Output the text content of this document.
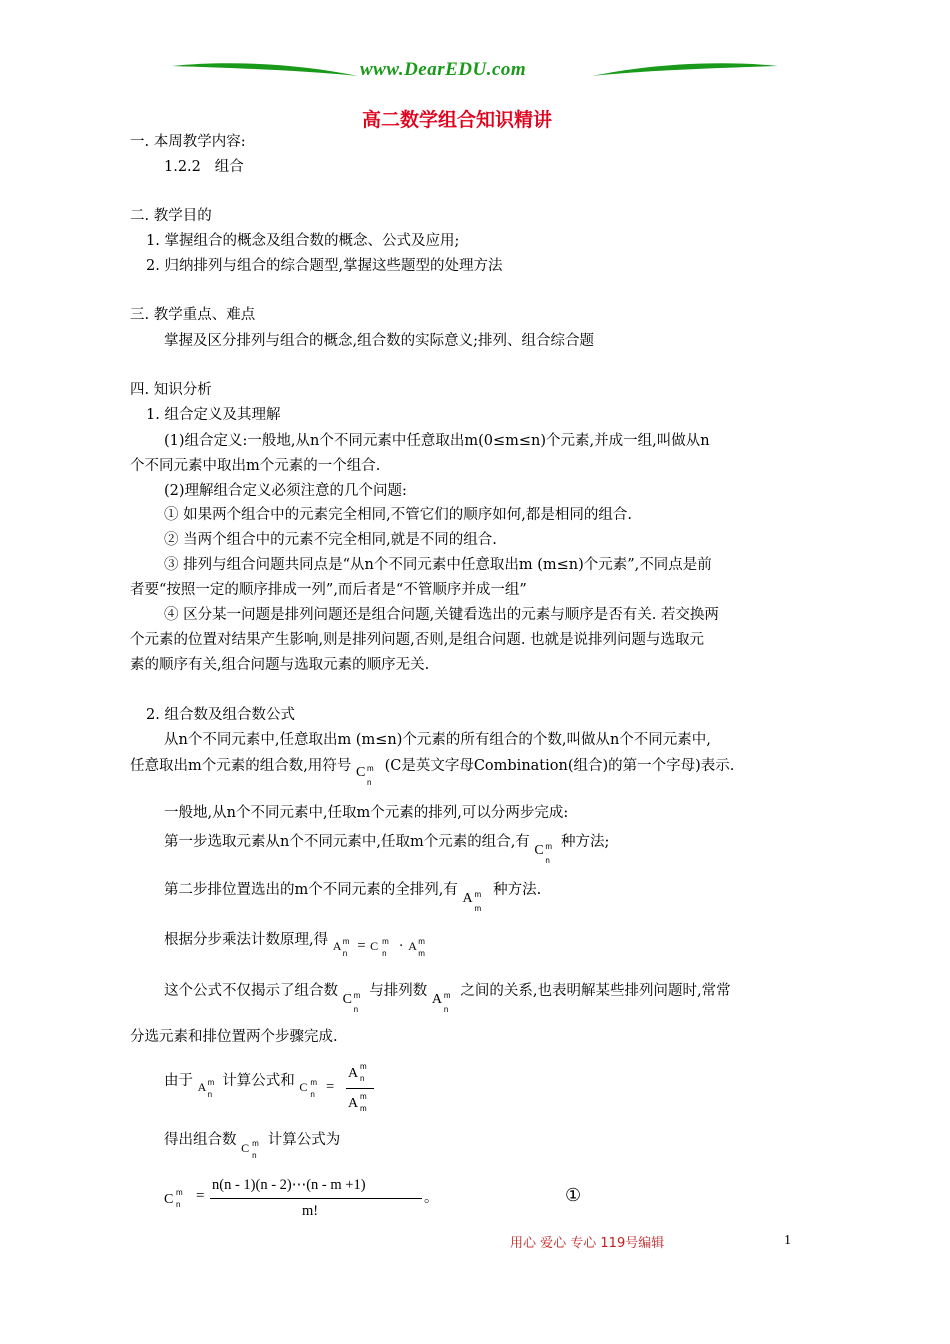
www.DearEDU.com
高二数学组合知识精讲
一. 本周教学内容:
1.2.2   组合
二. 教学目的
1. 掌握组合的概念及组合数的概念、公式及应用;
2. 归纳排列与组合的综合题型,掌握这些题型的处理方法
三. 教学重点、难点
掌握及区分排列与组合的概念,组合数的实际意义;排列、组合综合题
四. 知识分析
1. 组合定义及其理解
(1)组合定义:一般地,从n个不同元素中任意取出m(0≤m≤n)个元素,并成一组,叫做从n
个不同元素中取出m个元素的一个组合.
(2)理解组合定义必须注意的几个问题:
① 如果两个组合中的元素完全相同,不管它们的顺序如何,都是相同的组合.
② 当两个组合中的元素不完全相同,就是不同的组合.
③ 排列与组合问题共同点是“从n个不同元素中任意取出m (m≤n)个元素”,不同点是前
者要“按照一定的顺序排成一列”,而后者是“不管顺序并成一组”
④ 区分某一问题是排列问题还是组合问题,关键看选出的元素与顺序是否有关. 若交换两
个元素的位置对结果产生影响,则是排列问题,否则,是组合问题. 也就是说排列问题与选取元
素的顺序有关,组合问题与选取元素的顺序无关.
2. 组合数及组合数公式
从n个不同元素中,任意取出m (m≤n)个元素的所有组合的个数,叫做从n个不同元素中,
任意取出m个元素的组合数,用符号 C m
n
(C是英文字母Combination(组合)的第一个字母)表示.
一般地,从n个不同元素中,任取m个元素的排列,可以分两步完成:
第一步选取元素从n个不同元素中,任取m个元素的组合,有 C m
n
种方法;
第二步排位置选出的m个不同元素的全排列,有 A m
m
种方法.
根据分步乘法计数原理,得 A m
n = C m
n · A m
m
这个公式不仅揭示了组合数 C m
n
与排列数 A m
n
之间的关系,也表明解某些排列问题时,常常
分选元素和排位置两个步骤完成.
由于 A m
n
计算公式和 C m
n =
A m
n
A m
m
得出组合数 C m
n
计算公式为
C m
n
=
n(n - 1)(n - 2)⋯(n - m +1)
m!
。	①
用心 爱心 专心 119号编辑	1
